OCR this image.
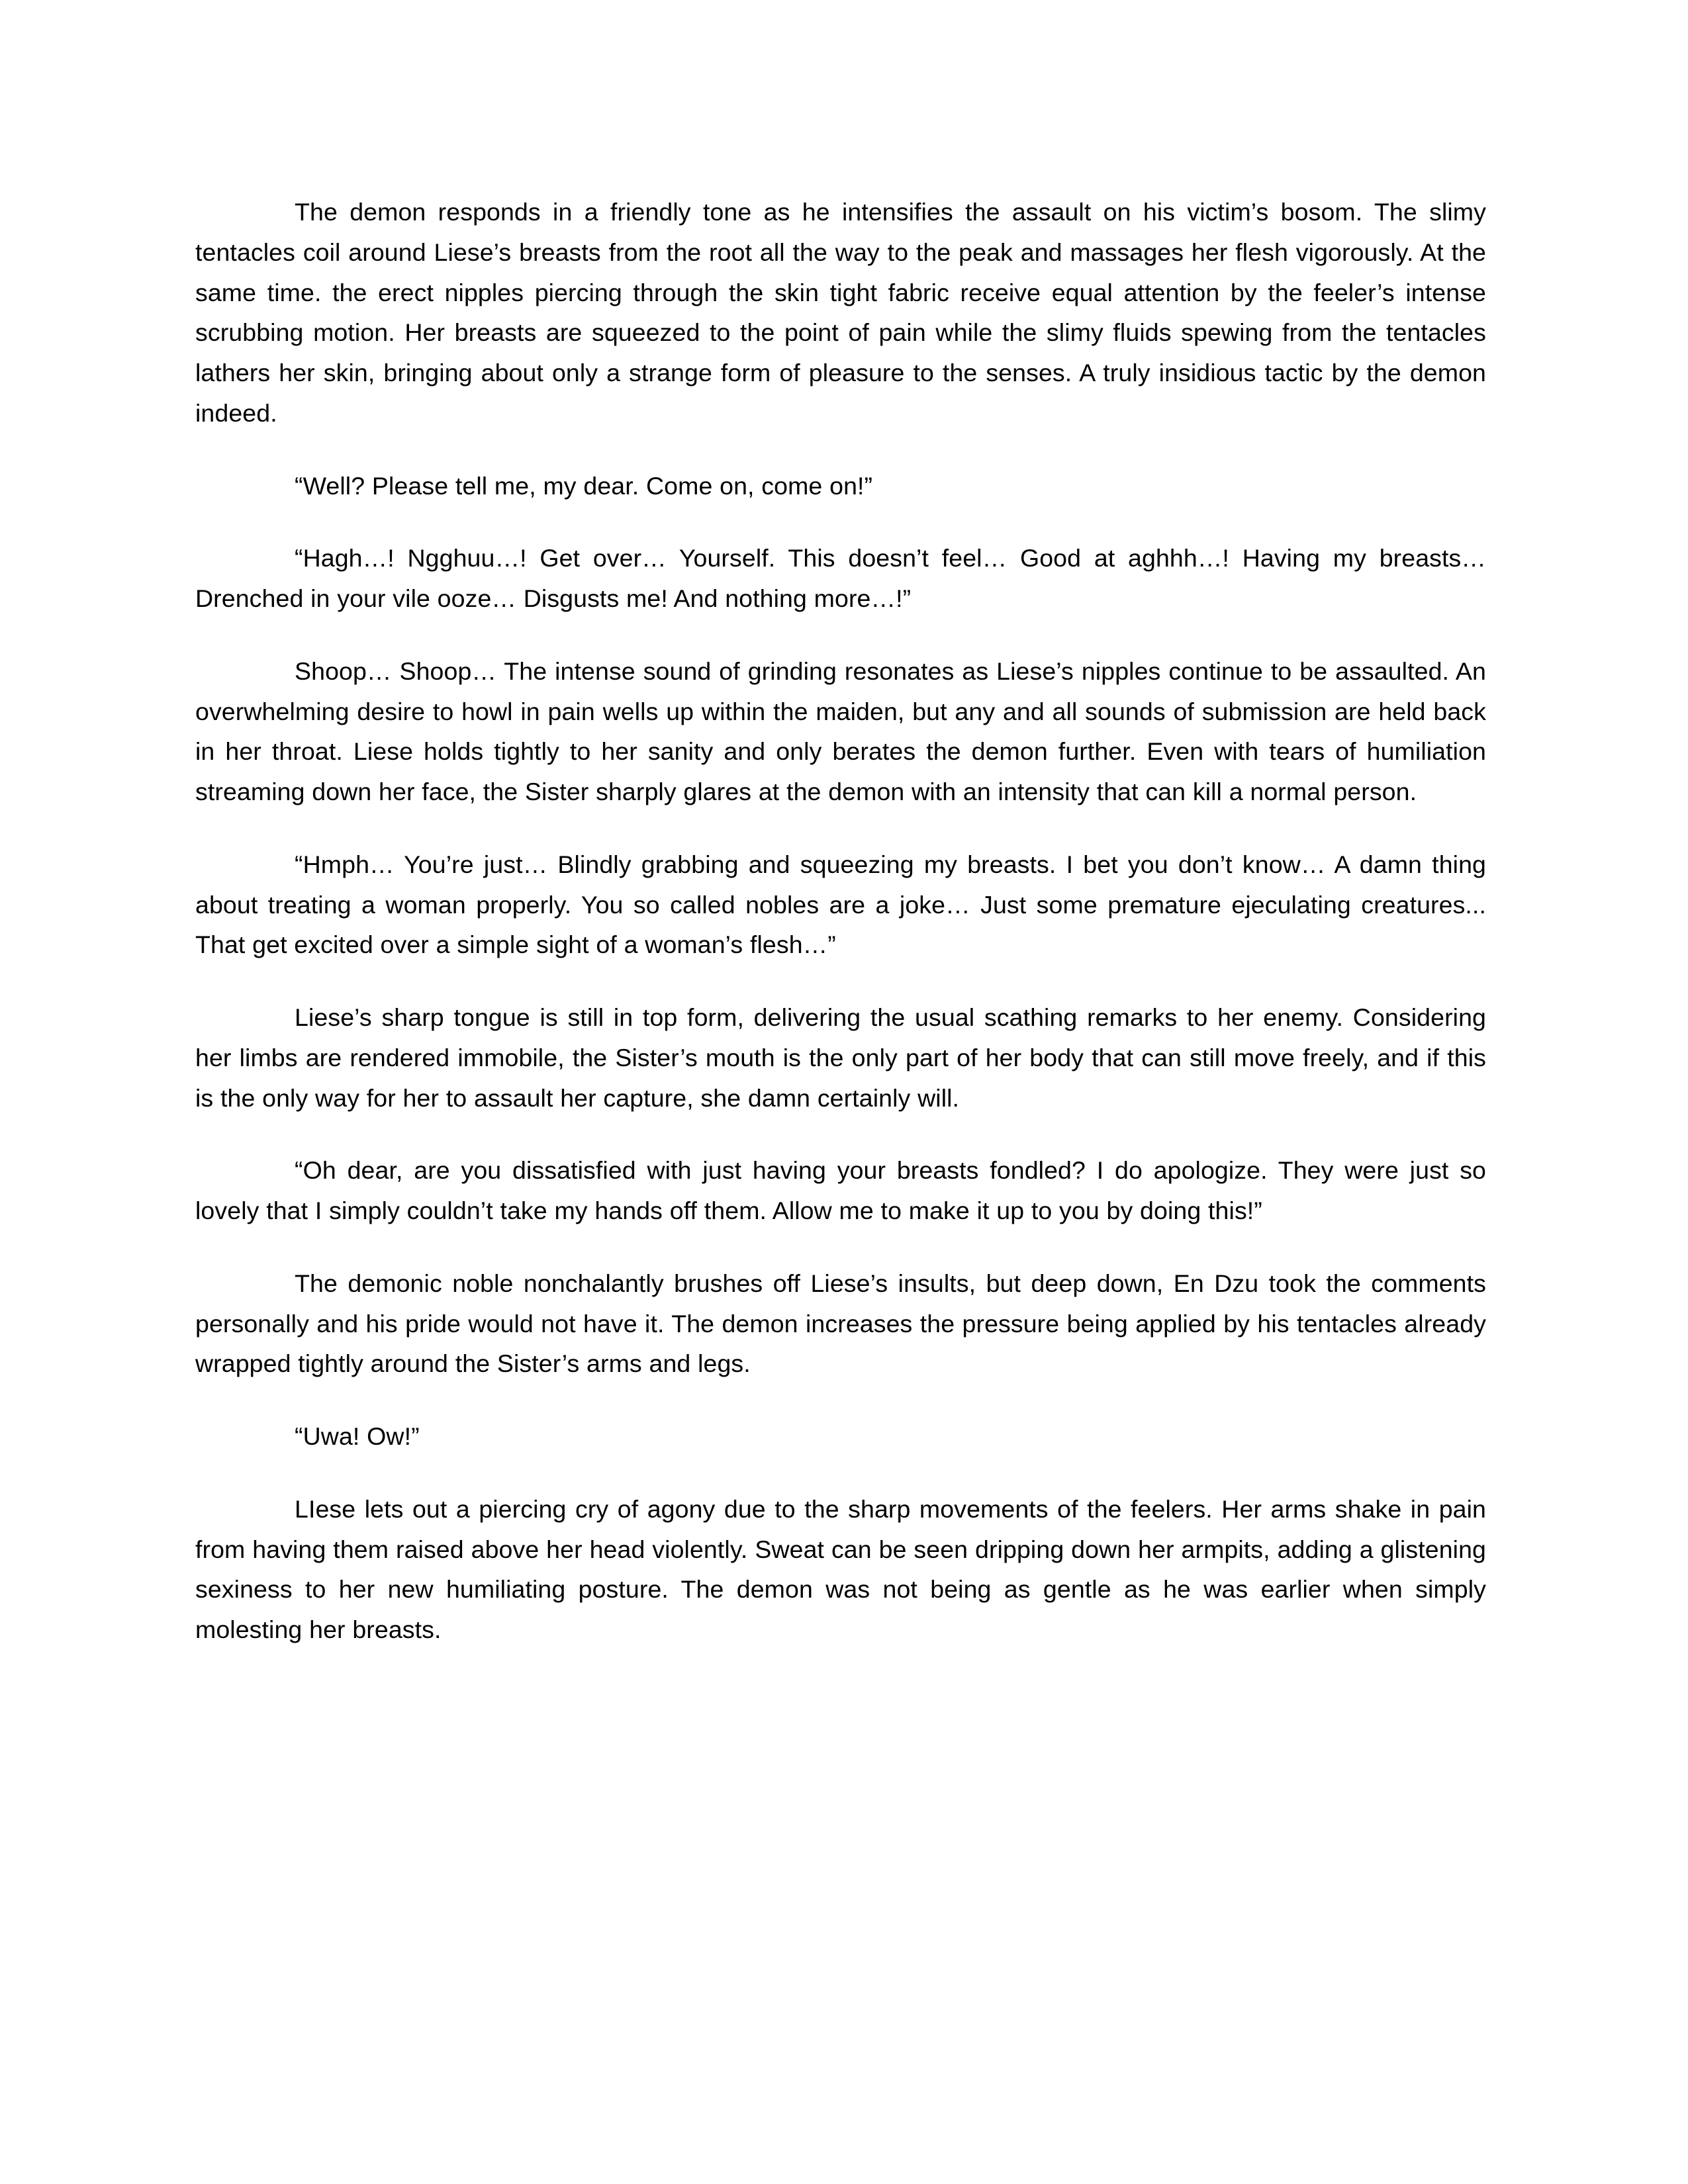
The demon responds in a friendly tone as he intensifies the assault on his victim’s bosom. The slimy tentacles coil around Liese’s breasts from the root all the way to the peak and massages her flesh vigorously. At the same time. the erect nipples piercing through the skin tight fabric receive equal attention by the feeler’s intense scrubbing motion. Her breasts are squeezed to the point of pain while the slimy fluids spewing from the tentacles lathers her skin, bringing about only a strange form of pleasure to the senses. A truly insidious tactic by the demon indeed.

“Well? Please tell me, my dear. Come on, come on!”

“Hagh…! Ngghuu…! Get over… Yourself. This doesn’t feel… Good at aghhh…! Having my breasts… Drenched in your vile ooze… Disgusts me! And nothing more…!”

Shoop… Shoop… The intense sound of grinding resonates as Liese’s nipples continue to be assaulted. An overwhelming desire to howl in pain wells up within the maiden, but any and all sounds of submission are held back in her throat. Liese holds tightly to her sanity and only berates the demon further. Even with tears of humiliation streaming down her face, the Sister sharply glares at the demon with an intensity that can kill a normal person.

“Hmph… You’re just… Blindly grabbing and squeezing my breasts. I bet you don’t know… A damn thing about treating a woman properly. You so called nobles are a joke… Just some premature ejeculating creatures... That get excited over a simple sight of a woman’s flesh…”

Liese’s sharp tongue is still in top form, delivering the usual scathing remarks to her enemy. Considering her limbs are rendered immobile, the Sister’s mouth is the only part of her body that can still move freely, and if this is the only way for her to assault her capture, she damn certainly will.

“Oh dear, are you dissatisfied with just having your breasts fondled? I do apologize. They were just so lovely that I simply couldn’t take my hands off them. Allow me to make it up to you by doing this!”

The demonic noble nonchalantly brushes off Liese’s insults, but deep down, En Dzu took the comments personally and his pride would not have it. The demon increases the pressure being applied by his tentacles already wrapped tightly around the Sister’s arms and legs.

“Uwa! Ow!”

LIese lets out a piercing cry of agony due to the sharp movements of the feelers. Her arms shake in pain from having them raised above her head violently. Sweat can be seen dripping down her armpits, adding a glistening sexiness to her new humiliating posture. The demon was not being as gentle as he was earlier when simply molesting her breasts.
